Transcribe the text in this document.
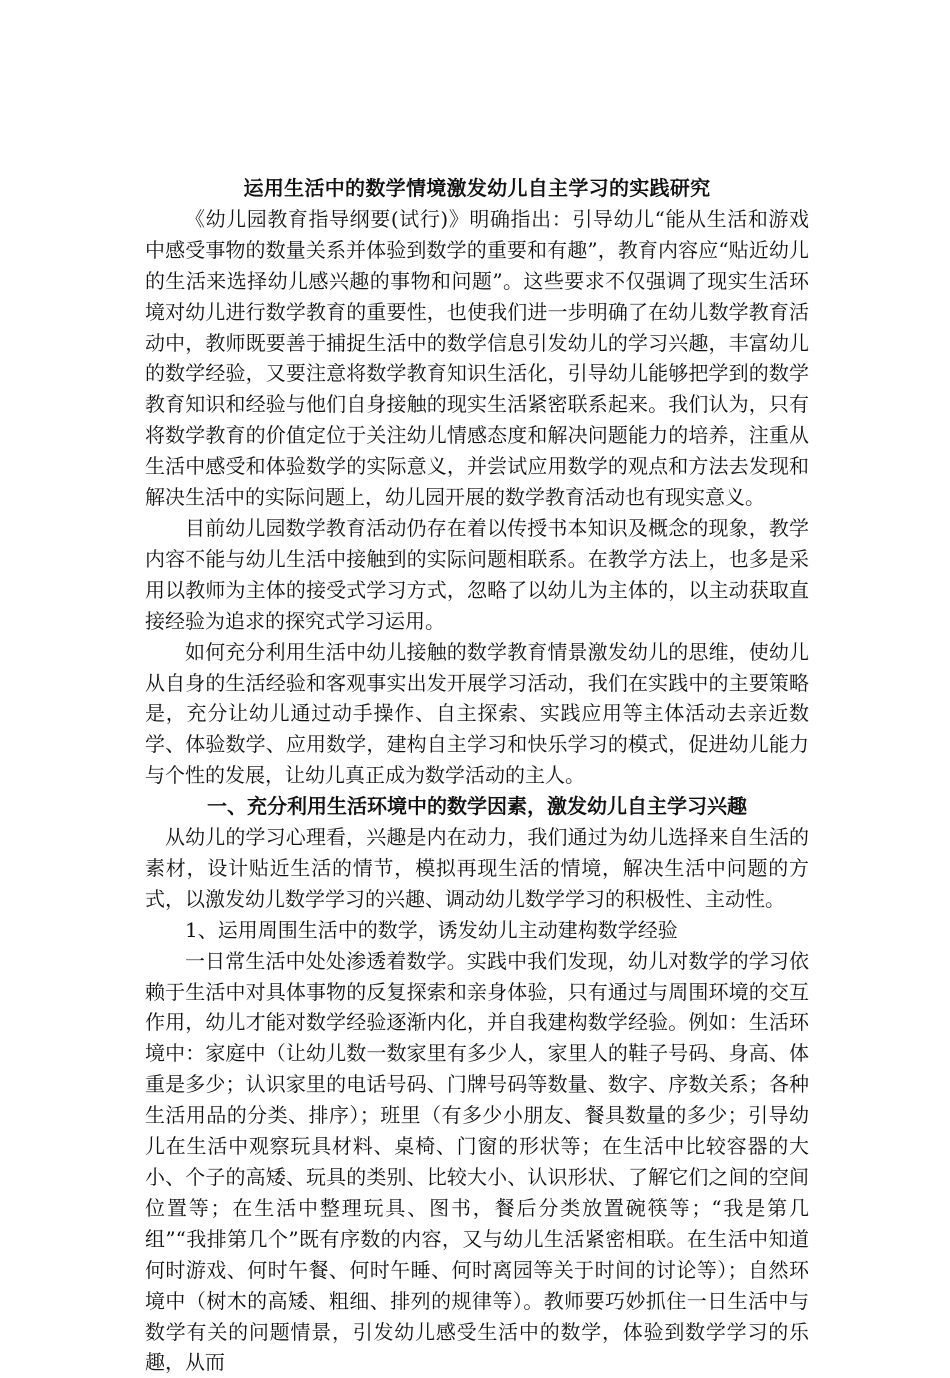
运用生活中的数学情境激发幼儿自主学习的实践研究

《幼儿园教育指导纲要(试行)》明确指出：引导幼儿“能从生活和游戏中感受事物的数量关系并体验到数学的重要和有趣”，教育内容应“贴近幼儿的生活来选择幼儿感兴趣的事物和问题”。这些要求不仅强调了现实生活环境对幼儿进行数学教育的重要性，也使我们进一步明确了在幼儿数学教育活动中，教师既要善于捕捉生活中的数学信息引发幼儿的学习兴趣，丰富幼儿的数学经验，又要注意将数学教育知识生活化，引导幼儿能够把学到的数学教育知识和经验与他们自身接触的现实生活紧密联系起来。我们认为，只有将数学教育的价值定位于关注幼儿情感态度和解决问题能力的培养，注重从生活中感受和体验数学的实际意义，并尝试应用数学的观点和方法去发现和解决生活中的实际问题上，幼儿园开展的数学教育活动也有现实意义。

目前幼儿园数学教育活动仍存在着以传授书本知识及概念的现象，教学内容不能与幼儿生活中接触到的实际问题相联系。在教学方法上，也多是采用以教师为主体的接受式学习方式，忽略了以幼儿为主体的，以主动获取直接经验为追求的探究式学习运用。

如何充分利用生活中幼儿接触的数学教育情景激发幼儿的思维，使幼儿从自身的生活经验和客观事实出发开展学习活动，我们在实践中的主要策略是，充分让幼儿通过动手操作、自主探索、实践应用等主体活动去亲近数学、体验数学、应用数学，建构自主学习和快乐学习的模式，促进幼儿能力与个性的发展，让幼儿真正成为数学活动的主人。

一、充分利用生活环境中的数学因素，激发幼儿自主学习兴趣

从幼儿的学习心理看，兴趣是内在动力，我们通过为幼儿选择来自生活的素材，设计贴近生活的情节，模拟再现生活的情境，解决生活中问题的方式，以激发幼儿数学学习的兴趣、调动幼儿数学学习的积极性、主动性。

1、运用周围生活中的数学，诱发幼儿主动建构数学经验

一日常生活中处处渗透着数学。实践中我们发现，幼儿对数学的学习依赖于生活中对具体事物的反复探索和亲身体验，只有通过与周围环境的交互作用，幼儿才能对数学经验逐渐内化，并自我建构数学经验。例如：生活环境中：家庭中（让幼儿数一数家里有多少人，家里人的鞋子号码、身高、体重是多少；认识家里的电话号码、门牌号码等数量、数字、序数关系；各种生活用品的分类、排序）；班里（有多少小朋友、餐具数量的多少；引导幼儿在生活中观察玩具材料、桌椅、门窗的形状等；在生活中比较容器的大小、个子的高矮、玩具的类别、比较大小、认识形状、了解它们之间的空间位置等；在生活中整理玩具、图书，餐后分类放置碗筷等；“我是第几组”“我排第几个”既有序数的内容，又与幼儿生活紧密相联。在生活中知道何时游戏、何时午餐、何时午睡、何时离园等关于时间的讨论等）；自然环境中（树木的高矮、粗细、排列的规律等）。教师要巧妙抓住一日生活中与数学有关的问题情景，引发幼儿感受生活中的数学，体验到数学学习的乐趣，从而
